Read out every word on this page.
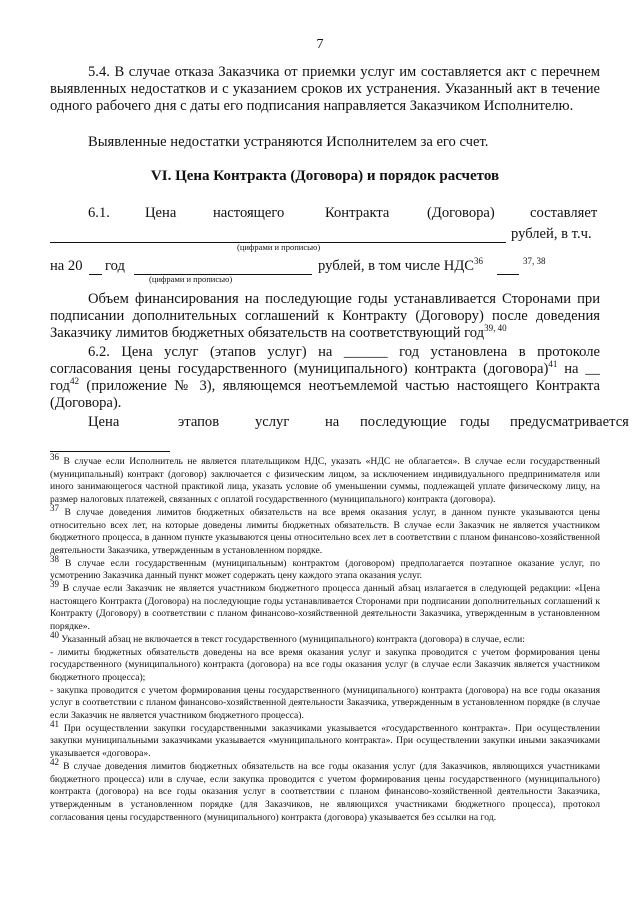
7
5.4. В случае отказа Заказчика от приемки услуг им составляется акт с перечнем выявленных недостатков и с указанием сроков их устранения. Указанный акт в течение одного рабочего дня с даты его подписания направляется Заказчиком Исполнителю.
Выявленные недостатки устраняются Исполнителем за его счет.
VI. Цена Контракта (Договора) и порядок расчетов
6.1. Цена	настоящего	Контракта	(Договора) составляет
рублей, в т.ч.
(цифрами и прописью)
на 20 год	рублей, в том числе НДС$^{36}$	$^{37, 38}$
(цифрами и прописью)
Объем финансирования на последующие годы устанавливается Сторонами при подписании дополнительных соглашений к Контракту (Договору) после доведения Заказчику лимитов бюджетных обязательств на соответствующий год$^{39, 40}$
6.2. Цена услуг (этапов услуг) на ______ год установлена в протоколе согласования цены государственного (муниципального) контракта (договора)$^{41}$ на __ год$^{42}$ (приложение № 3), являющемся неотъемлемой частью настоящего Контракта (Договора).
Цена	этапов услуг на последующие годы предусматривается

$^{36}$ В случае если Исполнитель не является плательщиком НДС, указать «НДС не облагается». В случае если государственный (муниципальный) контракт (договор) заключается с физическим лицом, за исключением индивидуального предпринимателя или иного занимающегося частной практикой лица, указать условие об уменьшении суммы, подлежащей уплате физическому лицу, на размер налоговых платежей, связанных с оплатой государственного (муниципального) контракта (договора).

$^{37}$ В случае доведения лимитов бюджетных обязательств на все время оказания услуг, в данном пункте указываются цены относительно всех лет, на которые доведены лимиты бюджетных обязательств. В случае если Заказчик не является участником бюджетного процесса, в данном пункте указываются цены относительно всех лет в соответствии с планом финансово-хозяйственной деятельности Заказчика, утвержденным в установленном порядке.

$^{38}$ В случае если государственным (муниципальным) контрактом (договором) предполагается поэтапное оказание услуг, по усмотрению Заказчика данный пункт может содержать цену каждого этапа оказания услуг.

$^{39}$ В случае если Заказчик не является участником бюджетного процесса данный абзац излагается в следующей редакции: «Цена настоящего Контракта (Договора) на последующие годы устанавливается Сторонами при подписании дополнительных соглашений к Контракту (Договору) в соответствии с планом финансово-хозяйственной деятельности Заказчика, утвержденным в установленном порядке».

$^{40}$ Указанный абзац не включается в текст государственного (муниципального) контракта (договора) в случае, если:

- лимиты бюджетных обязательств доведены на все время оказания услуг и закупка проводится с учетом формирования цены государственного (муниципального) контракта (договора) на все годы оказания услуг (в случае если Заказчик является участником бюджетного процесса);

- закупка проводится с учетом формирования цены государственного (муниципального) контракта (договора) на все годы оказания услуг в соответствии с планом финансово-хозяйственной деятельности Заказчика, утвержденным в установленном порядке (в случае если Заказчик не является участником бюджетного процесса).

$^{41}$ При осуществлении закупки государственными заказчиками указывается «государственного контракта». При осуществлении закупки муниципальными заказчиками указывается «муниципального контракта». При осуществлении закупки иными заказчиками указывается «договора».

$^{42}$ В случае доведения лимитов бюджетных обязательств на все годы оказания услуг (для Заказчиков, являющихся участниками бюджетного процесса) или в случае, если закупка проводится с учетом формирования цены государственного (муниципального) контракта (договора) на все годы оказания услуг в соответствии с планом финансово-хозяйственной деятельности Заказчика, утвержденным в установленном порядке (для Заказчиков, не являющихся участниками бюджетного процесса), протокол согласования цены государственного (муниципального) контракта (договора) указывается без ссылки на год.
